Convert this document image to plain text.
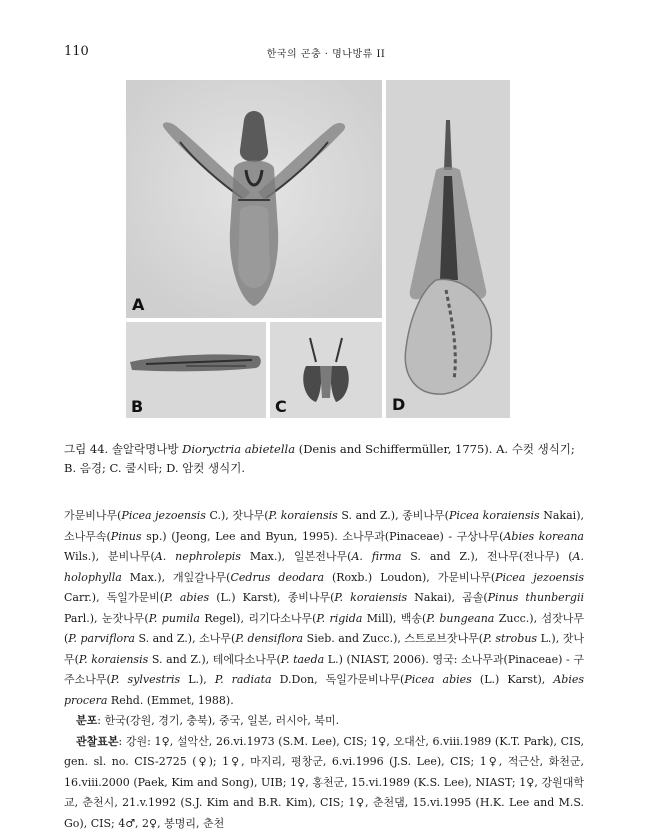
110	한국의 곤충 · 명나방류 II
A
B	C	D
그림 44. 솔알락명나방 Dioryctria abietella (Denis and Schiffermüller, 1775). A. 수컷 생식기; B. 음경; C. 쿨시타; D. 암컷 생식기.

가문비나무(Picea jezoensis C.), 잣나무(P. koraiensis S. and Z.), 종비나무(Picea koraiensis Nakai), 소나무속(Pinus sp.) (Jeong, Lee and Byun, 1995). 소나무과(Pinaceae) - 구상나무(Abies koreana Wils.), 분비나무(A. nephrolepis Max.), 일본전나무(A. firma S. and Z.), 전나무(전나무) (A. holophylla Max.), 개잎갈나무(Cedrus deodara (Roxb.) Loudon), 가문비나무(Picea jezoensis Carr.), 독일가문비(P. abies (L.) Karst), 종비나무(P. koraiensis Nakai), 곰솔(Pinus thunbergii Parl.), 눈잣나무(P. pumila Regel), 리기다소나무(P. rigida Mill), 백송(P. bungeana Zucc.), 섬잣나무(P. parviflora S. and Z.), 소나무(P. densiflora Sieb. and Zucc.), 스트로브잣나무(P. strobus L.), 잣나무(P. koraiensis S. and Z.), 테에다소나무(P. taeda L.) (NIAST, 2006). 영국: 소나무과(Pinaceae) - 구주소나무(P. sylvestris L.), P. radiata D.Don, 독일가문비나무(Picea abies (L.) Karst), Abies procera Rehd. (Emmet, 1988).

분포: 한국(강원, 경기, 충북), 중국, 일본, 러시아, 북미.

관찰표본: 강원: 1♀, 설악산, 26.vi.1973 (S.M. Lee), CIS; 1♀, 오대산, 6.viii.1989 (K.T. Park), CIS, gen. sl. no. CIS-2725 (♀); 1♀, 마지리, 평창군, 6.vi.1996 (J.S. Lee), CIS; 1♀, 적근산, 화천군, 16.viii.2000 (Paek, Kim and Song), UIB; 1♀, 홍천군, 15.vi.1989 (K.S. Lee), NIAST; 1♀, 강원대학교, 춘천시, 21.v.1992 (S.J. Kim and B.R. Kim), CIS; 1♀, 춘천댐, 15.vi.1995 (H.K. Lee and M.S. Go), CIS; 4♂, 2♀, 봉명리, 춘천
